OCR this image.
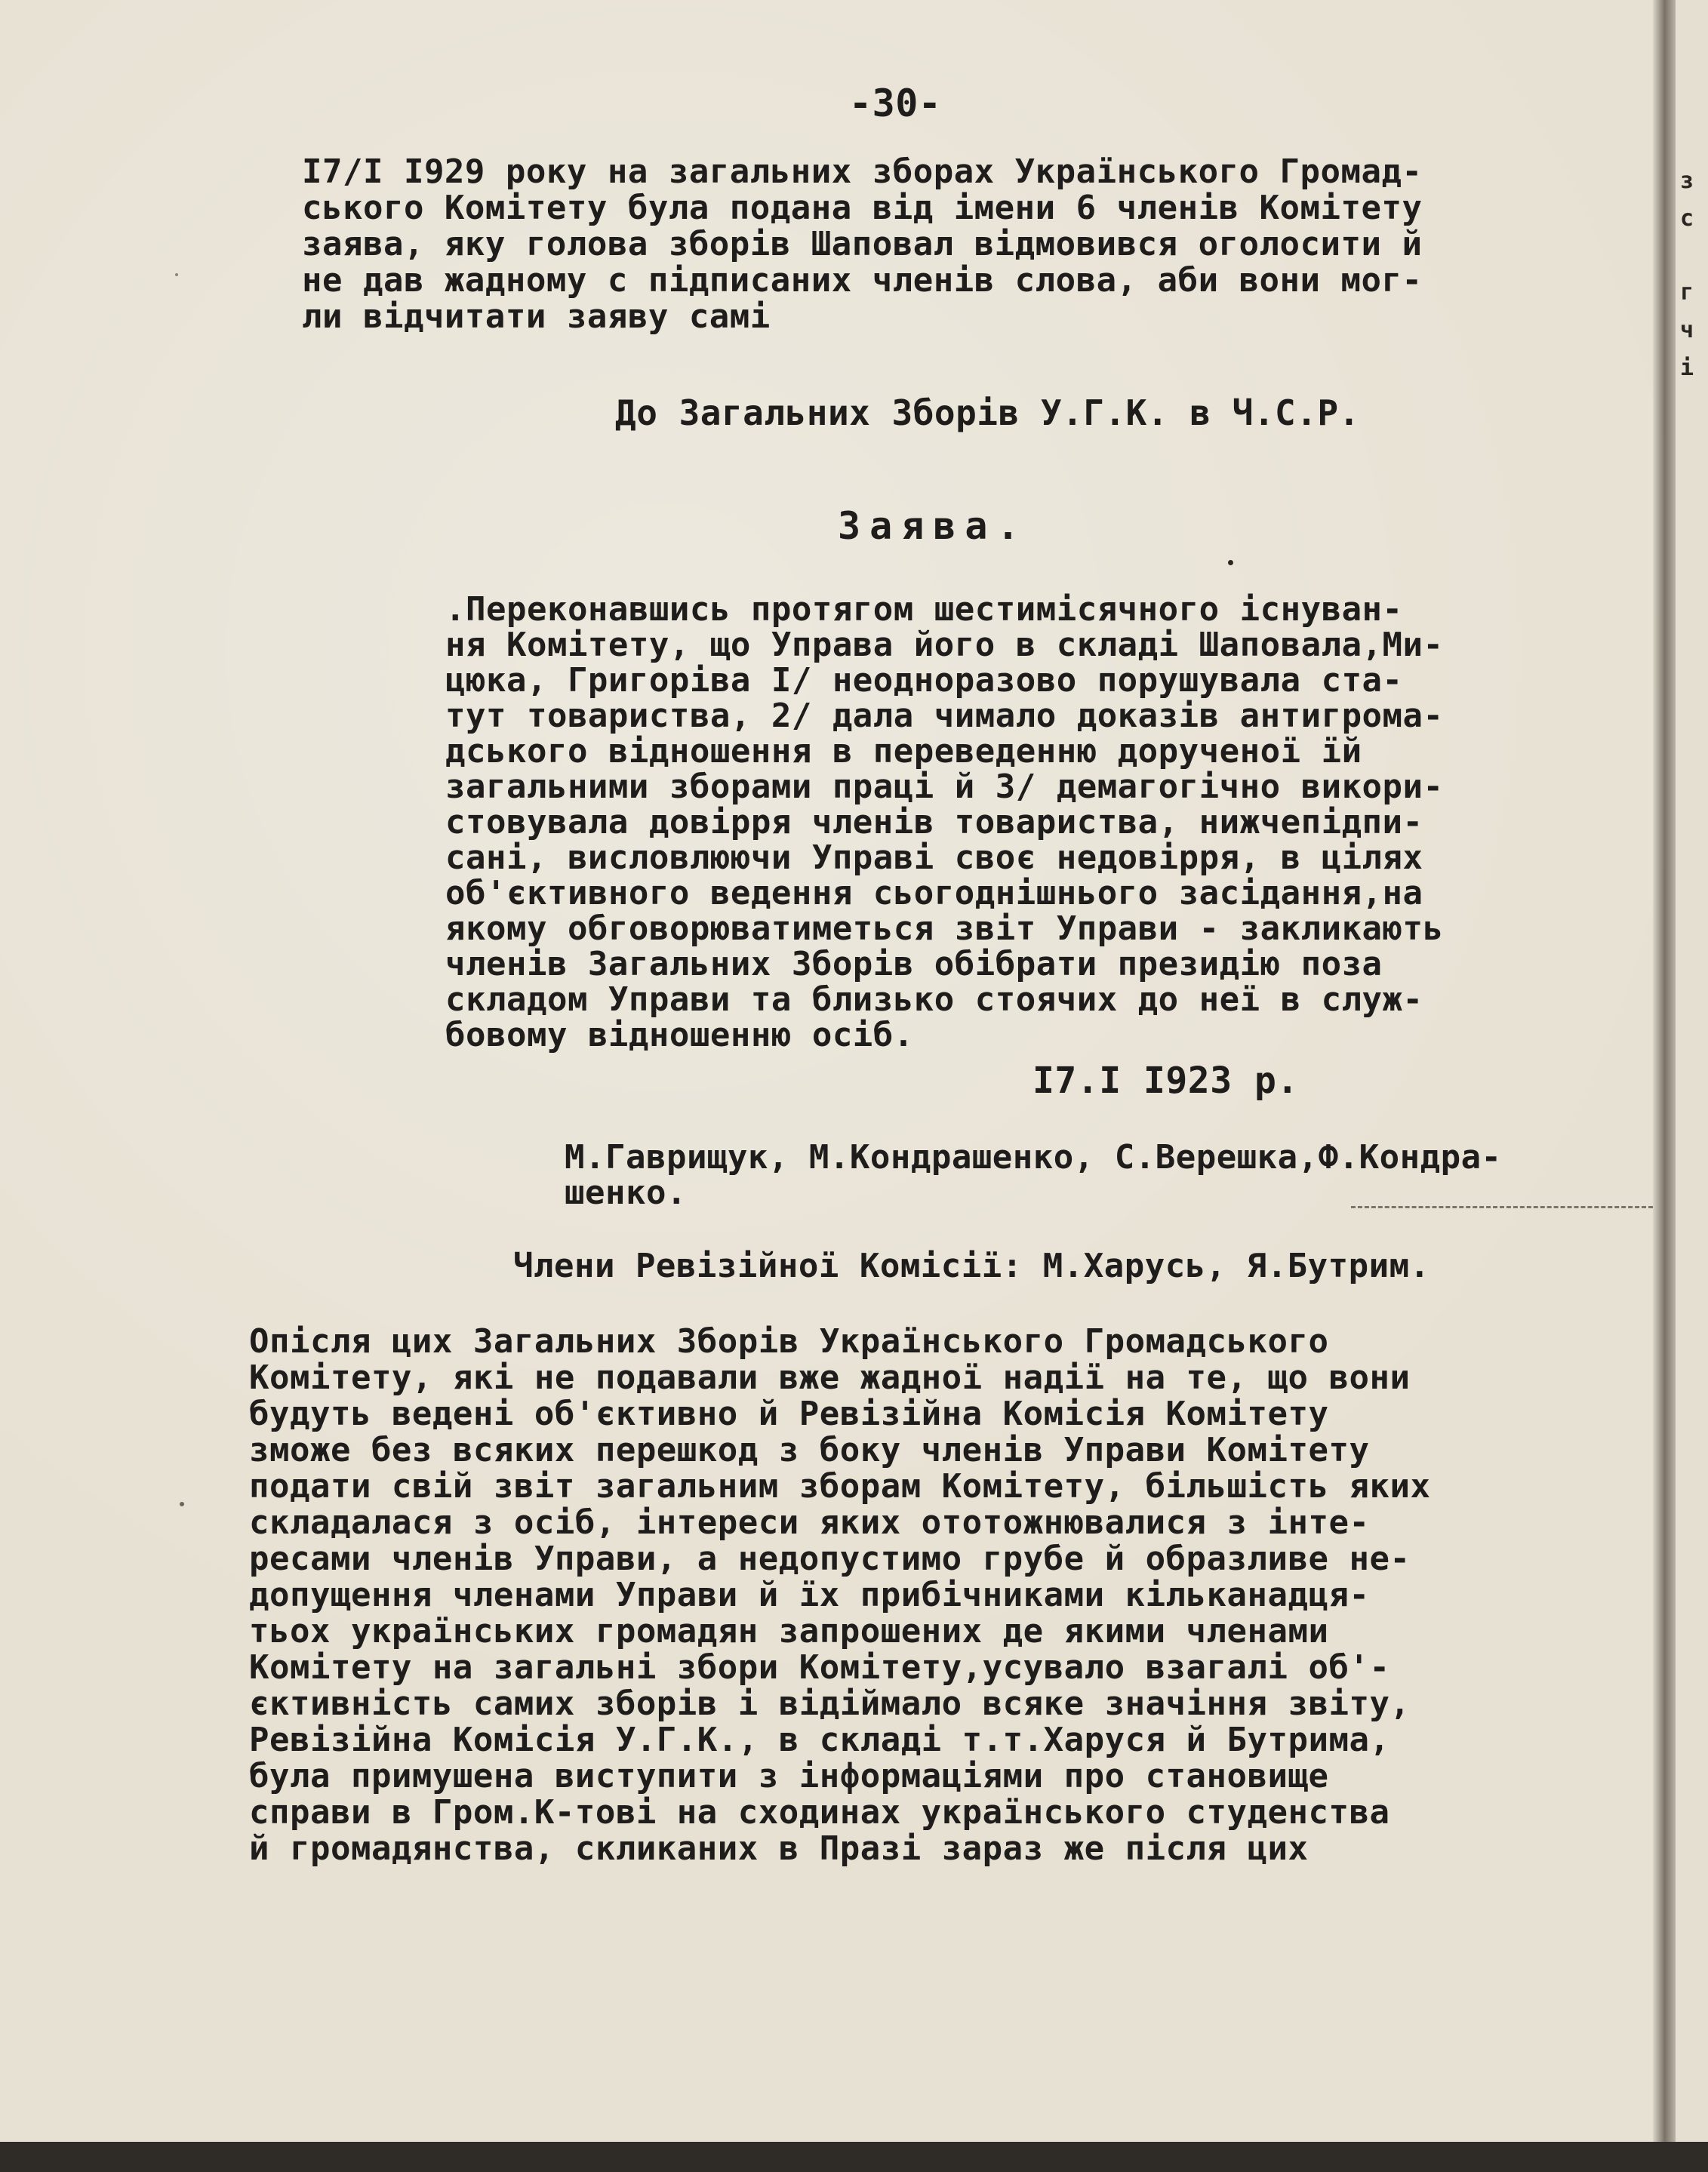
-30-
I7/I I929 року на загальних зборах Українського Громад-
ського Комітету була подана від імени 6 членів Комітету
заява, яку голова зборів Шаповал відмовився оголосити й
не дав жадному с підписаних членів слова, аби вони мог-
ли відчитати заяву самі
До Загальних Зборів У.Г.К. в Ч.С.Р.
Заява.
.Переконавшись протягом шестимісячного існуван-
ня Комітету, що Управа його в складі Шаповала,Ми-
цюка, Григоріва I/ неодноразово порушувала ста-
тут товариства, 2/ дала чимало доказів антигрома-
дського відношення в переведенню дорученої їй
загальними зборами праці й 3/ демагогічно викори-
стовувала довірря членів товариства, нижчепідпи-
сані, висловлюючи Управі своє недовірря, в цілях
об'єктивного ведення сьогоднішнього засідання,на
якому обговорюватиметься звіт Управи - закликають
членів Загальних Зборів обібрати президію поза
складом Управи та близько стоячих до неї в служ-
бовому відношенню осіб.
I7.I I923 р.
М.Гаврищук, М.Кондрашенко, С.Верешка,Ф.Кондра-
шенко.
Члени Ревізійної Комісії: М.Харусь, Я.Бутрим.
Опісля цих Загальних Зборів Українського Громадського
Комітету, які не подавали вже жадної надії на те, що вони
будуть ведені об'єктивно й Ревізійна Комісія Комітету
зможе без всяких перешкод з боку членів Управи Комітету
подати свій звіт загальним зборам Комітету, більшість яких
складалася з осіб, інтереси яких ототожнювалися з інте-
ресами членів Управи, а недопустимо грубе й образливе не-
допущення членами Управи й їх прибічниками кільканадця-
тьох українських громадян запрошених де якими членами
Комітету на загальні збори Комітету,усувало взагалі об'-
єктивність самих зборів і відіймало всяке значіння звіту,
Ревізійна Комісія У.Г.К., в складі т.т.Харуся й Бутрима,
була примушена виступити з інформаціями про становище
справи в Гром.К-тові на сходинах українського студенства
й громадянства, скликаних в Празі зараз же після цих
з
с
г
ч
і
